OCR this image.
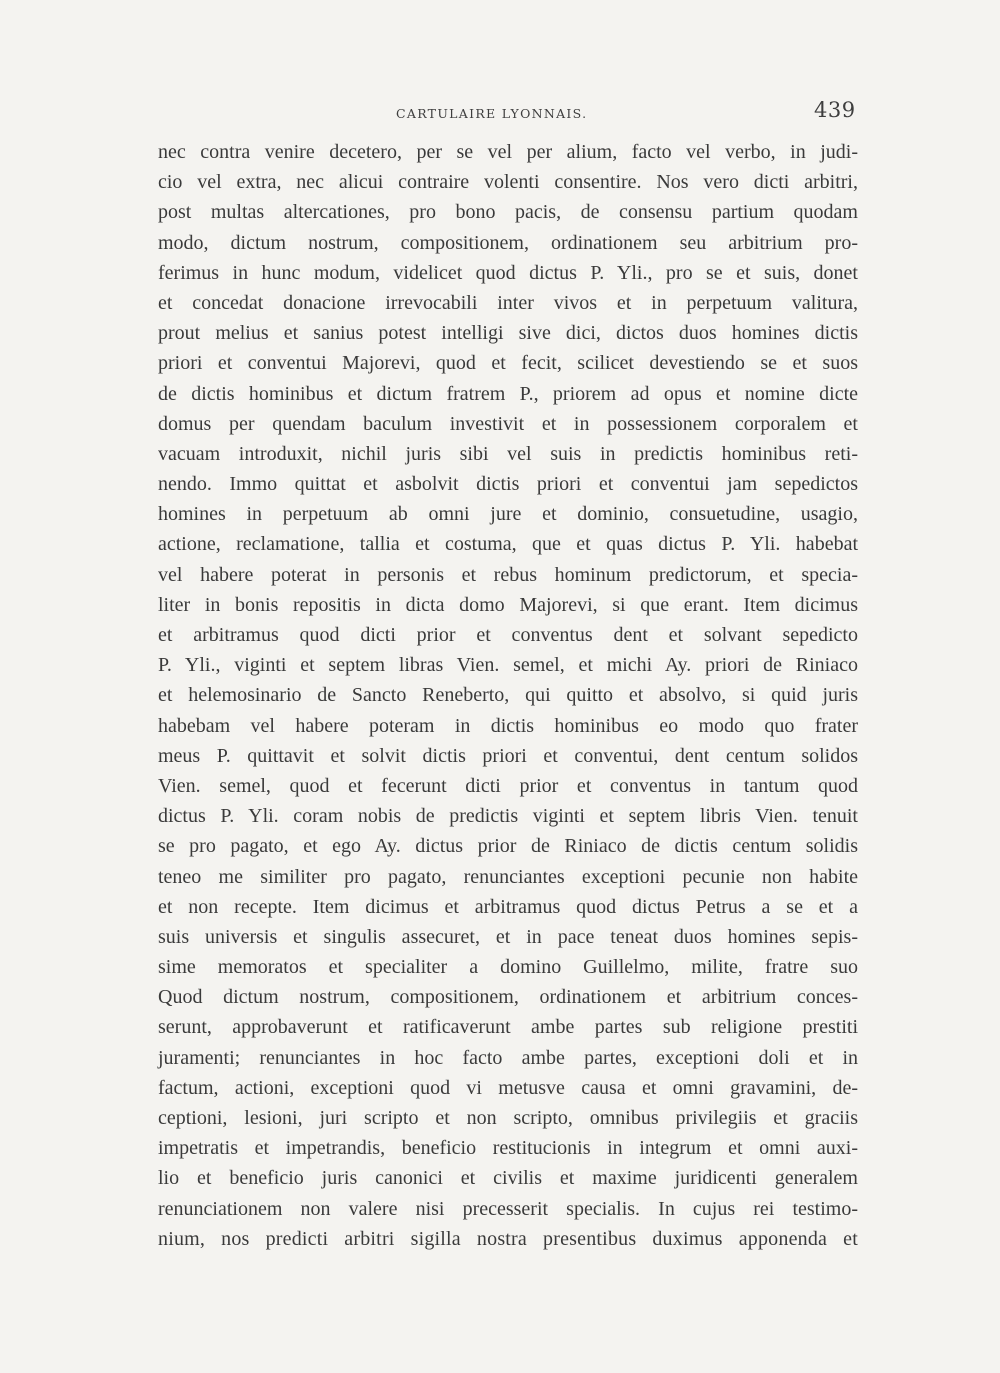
CARTULAIRE LYONNAIS.	439
nec contra venire decetero, per se vel per alium, facto vel verbo, in judi-
cio vel extra, nec alicui contraire volenti consentire. Nos vero dicti arbitri,
post multas altercationes, pro bono pacis, de consensu partium quodam
modo, dictum nostrum, compositionem, ordinationem seu arbitrium pro-
ferimus in hunc modum, videlicet quod dictus P. Yli., pro se et suis, donet
et concedat donacione irrevocabili inter vivos et in perpetuum valitura,
prout melius et sanius potest intelligi sive dici, dictos duos homines dictis
priori et conventui Majorevi, quod et fecit, scilicet devestiendo se et suos
de dictis hominibus et dictum fratrem P., priorem ad opus et nomine dicte
domus per quendam baculum investivit et in possessionem corporalem et
vacuam introduxit, nichil juris sibi vel suis in predictis hominibus reti-
nendo. Immo quittat et asbolvit dictis priori et conventui jam sepedictos
homines in perpetuum ab omni jure et dominio, consuetudine, usagio,
actione, reclamatione, tallia et costuma, que et quas dictus P. Yli. habebat
vel habere poterat in personis et rebus hominum predictorum, et specia-
liter in bonis repositis in dicta domo Majorevi, si que erant. Item dicimus
et arbitramus quod dicti prior et conventus dent et solvant sepedicto
P. Yli., viginti et septem libras Vien. semel, et michi Ay. priori de Riniaco
et helemosinario de Sancto Reneberto, qui quitto et absolvo, si quid juris
habebam vel habere poteram in dictis hominibus eo modo quo frater
meus P. quittavit et solvit dictis priori et conventui, dent centum solidos
Vien. semel, quod et fecerunt dicti prior et conventus in tantum quod
dictus P. Yli. coram nobis de predictis viginti et septem libris Vien. tenuit
se pro pagato, et ego Ay. dictus prior de Riniaco de dictis centum solidis
teneo me similiter pro pagato, renunciantes exceptioni pecunie non habite
et non recepte. Item dicimus et arbitramus quod dictus Petrus a se et a
suis universis et singulis assecuret, et in pace teneat duos homines sepis-
sime memoratos et specialiter a domino Guillelmo, milite, fratre suo
Quod dictum nostrum, compositionem, ordinationem et arbitrium conces-
serunt, approbaverunt et ratificaverunt ambe partes sub religione prestiti
juramenti; renunciantes in hoc facto ambe partes, exceptioni doli et in
factum, actioni, exceptioni quod vi metusve causa et omni gravamini, de-
ceptioni, lesioni, juri scripto et non scripto, omnibus privilegiis et graciis
impetratis et impetrandis, beneficio restitucionis in integrum et omni auxi-
lio et beneficio juris canonici et civilis et maxime juridicenti generalem
renunciationem non valere nisi precesserit specialis. In cujus rei testimo-
nium, nos predicti arbitri sigilla nostra presentibus duximus apponenda et
